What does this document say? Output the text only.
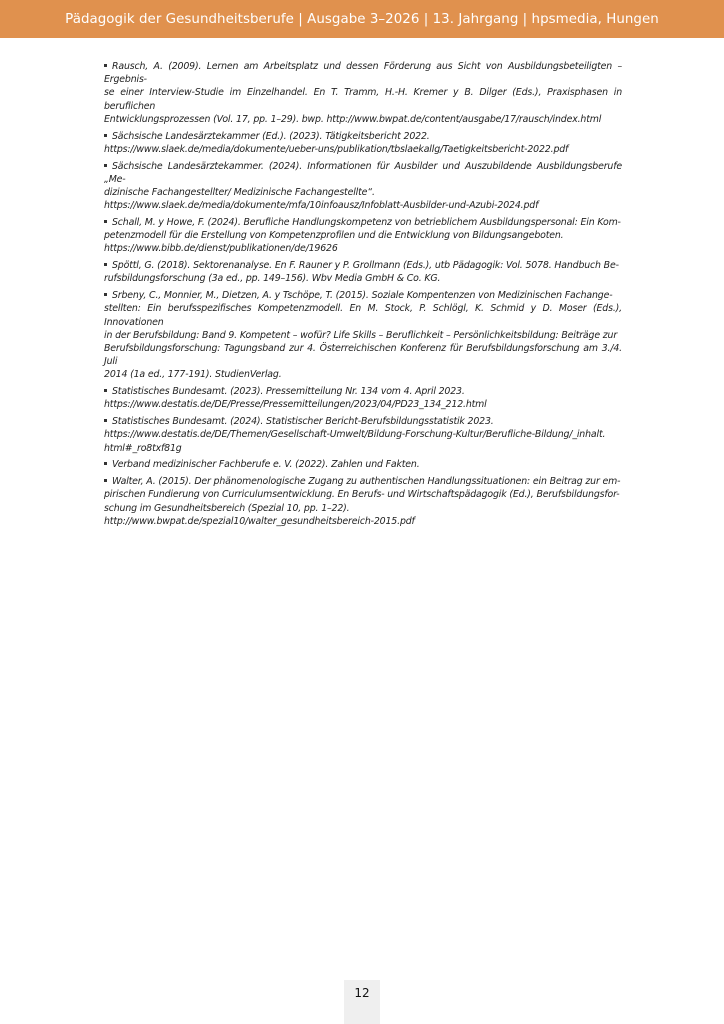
Pädagogik der Gesundheitsberufe | Ausgabe 3–2026 | 13. Jahrgang | hpsmedia, Hungen
Rausch, A. (2009). Lernen am Arbeitsplatz und dessen Förderung aus Sicht von Ausbildungsbeteiligten – Ergebnis-
se einer Interview-Studie im Einzelhandel. En T. Tramm, H.-H. Kremer y B. Dilger (Eds.), Praxisphasen in beruflichen
Entwicklungsprozessen (Vol. 17, pp. 1–29). bwp. http://www.bwpat.de/content/ausgabe/17/rausch/index.html
Sächsische Landesärztekammer (Ed.). (2023). Tätigkeitsbericht 2022.
https://www.slaek.de/media/dokumente/ueber-uns/publikation/tbslaekallg/Taetigkeitsbericht-2022.pdf
Sächsische Landesärztekammer. (2024). Informationen für Ausbilder und Auszubildende Ausbildungsberufe „Me-
dizinische Fachangestellter/ Medizinische Fachangestellte“.
https://www.slaek.de/media/dokumente/mfa/10infoausz/Infoblatt-Ausbilder-und-Azubi-2024.pdf
Schall, M. y Howe, F. (2024). Berufliche Handlungskompetenz von betrieblichem Ausbildungspersonal: Ein Kom-
petenzmodell für die Erstellung von Kompetenzprofilen und die Entwicklung von Bildungsangeboten.
https://www.bibb.de/dienst/publikationen/de/19626
Spöttl, G. (2018). Sektorenanalyse. En F. Rauner y P. Grollmann (Eds.), utb Pädagogik: Vol. 5078. Handbuch Be-
rufsbildungsforschung (3a ed., pp. 149–156). Wbv Media GmbH & Co. KG.
Srbeny, C., Monnier, M., Dietzen, A. y Tschöpe, T. (2015). Soziale Kompentenzen von Medizinischen Fachange-
stellten: Ein berufsspezifisches Kompetenzmodell. En M. Stock, P. Schlögl, K. Schmid y D. Moser (Eds.), Innovationen
in der Berufsbildung: Band 9. Kompetent – wofür? Life Skills – Beruflichkeit – Persönlichkeitsbildung: Beiträge zur
Berufsbildungsforschung: Tagungsband zur 4. Österreichischen Konferenz für Berufsbildungsforschung am 3./4. Juli
2014 (1a ed., 177-191). StudienVerlag.
Statistisches Bundesamt. (2023). Pressemitteilung Nr. 134 vom 4. April 2023.
https://www.destatis.de/DE/Presse/Pressemitteilungen/2023/04/PD23_134_212.html
Statistisches Bundesamt. (2024). Statistischer Bericht-Berufsbildungsstatistik 2023.
https://www.destatis.de/DE/Themen/Gesellschaft-Umwelt/Bildung-Forschung-Kultur/Berufliche-Bildung/_inhalt.
html#_ro8txf81g
Verband medizinischer Fachberufe e. V. (2022). Zahlen und Fakten.
Walter, A. (2015). Der phänomenologische Zugang zu authentischen Handlungssituationen: ein Beitrag zur em-
pirischen Fundierung von Curriculumsentwicklung. En Berufs- und Wirtschaftspädagogik (Ed.), Berufsbildungsfor-
schung im Gesundheitsbereich (Spezial 10, pp. 1–22).
http://www.bwpat.de/spezial10/walter_gesundheitsbereich-2015.pdf
12
